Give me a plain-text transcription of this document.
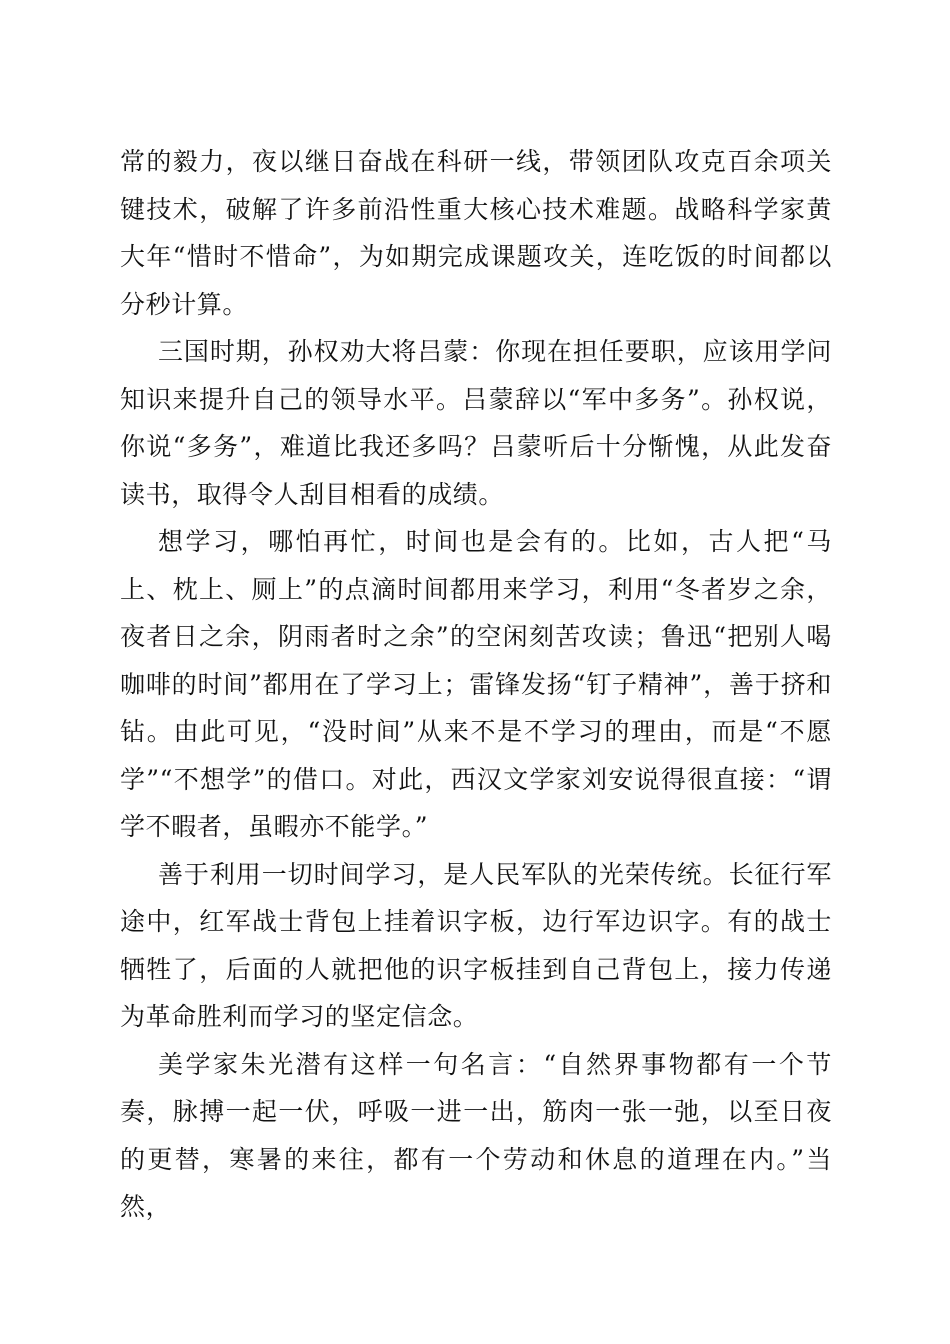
常的毅力，夜以继日奋战在科研一线，带领团队攻克百余项关键技术，破解了许多前沿性重大核心技术难题。战略科学家黄大年“惜时不惜命”，为如期完成课题攻关，连吃饭的时间都以分秒计算。

三国时期，孙权劝大将吕蒙：你现在担任要职，应该用学问知识来提升自己的领导水平。吕蒙辞以“军中多务”。孙权说，你说“多务”，难道比我还多吗？吕蒙听后十分惭愧，从此发奋读书，取得令人刮目相看的成绩。

想学习，哪怕再忙，时间也是会有的。比如，古人把“马上、枕上、厕上”的点滴时间都用来学习，利用“冬者岁之余，夜者日之余，阴雨者时之余”的空闲刻苦攻读；鲁迅“把别人喝咖啡的时间”都用在了学习上；雷锋发扬“钉子精神”，善于挤和钻。由此可见，“没时间”从来不是不学习的理由，而是“不愿学”“不想学”的借口。对此，西汉文学家刘安说得很直接：“谓学不暇者，虽暇亦不能学。”

善于利用一切时间学习，是人民军队的光荣传统。长征行军途中，红军战士背包上挂着识字板，边行军边识字。有的战士牺牲了，后面的人就把他的识字板挂到自己背包上，接力传递为革命胜利而学习的坚定信念。

美学家朱光潜有这样一句名言：“自然界事物都有一个节奏，脉搏一起一伏，呼吸一进一出，筋肉一张一弛，以至日夜的更替，寒暑的来往，都有一个劳动和休息的道理在内。”当然，
